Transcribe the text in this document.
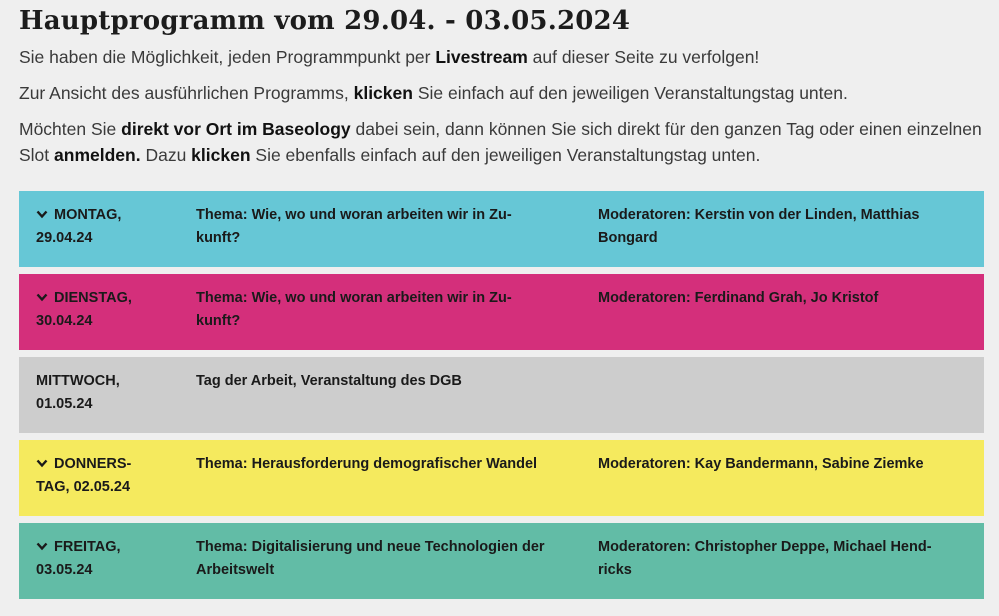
Hauptprogramm vom 29.04. - 03.05.2024

Sie haben die Möglichkeit, jeden Programmpunkt per Livestream auf dieser Seite zu verfolgen!

Zur Ansicht des ausführlichen Programms, klicken Sie einfach auf den jeweiligen Veranstaltungstag unten.

Möchten Sie direkt vor Ort im Baseology dabei sein, dann können Sie sich direkt für den ganzen Tag oder einen einzelnen Slot anmelden. Dazu klicken Sie ebenfalls einfach auf den jeweiligen Veranstaltungstag unten.

MONTAG,
29.04.24
Thema: Wie, wo und woran arbeiten wir in Zu-
kunft?
Moderatoren: Kerstin von der Linden, Matthias
Bongard
DIENSTAG,
30.04.24
Thema: Wie, wo und woran arbeiten wir in Zu-
kunft?
Moderatoren: Ferdinand Grah, Jo Kristof
MITTWOCH,
01.05.24
Tag der Arbeit, Veranstaltung des DGB
DONNERS-
TAG, 02.05.24
Thema: Herausforderung demografischer Wandel	Moderatoren: Kay Bandermann, Sabine Ziemke
FREITAG,
03.05.24
Thema: Digitalisierung und neue Technologien der
Arbeitswelt
Moderatoren: Christopher Deppe, Michael Hend-
ricks
